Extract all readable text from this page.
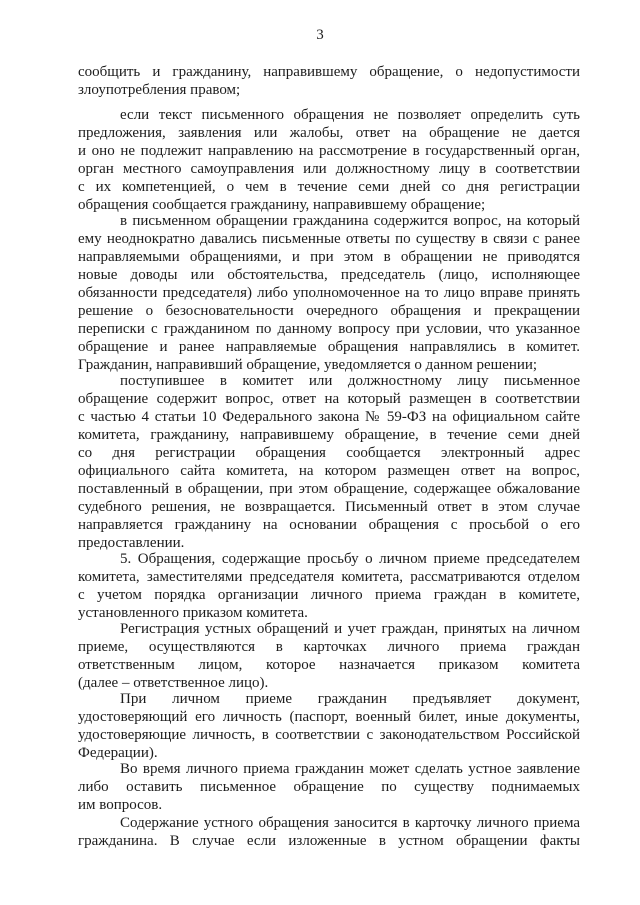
3
сообщить и гражданину, направившему обращение, о недопустимости
злоупотребления правом;
если текст письменного обращения не позволяет определить суть
предложения, заявления или жалобы, ответ на обращение не дается
и оно не подлежит направлению на рассмотрение в государственный орган,
орган местного самоуправления или должностному лицу в соответствии
с их компетенцией, о чем в течение семи дней со дня регистрации
обращения сообщается гражданину, направившему обращение;
в письменном обращении гражданина содержится вопрос, на который
ему неоднократно давались письменные ответы по существу в связи с ранее
направляемыми обращениями, и при этом в обращении не приводятся
новые доводы или обстоятельства, председатель (лицо, исполняющее
обязанности председателя) либо уполномоченное на то лицо вправе принять
решение о безосновательности очередного обращения и прекращении
переписки с гражданином по данному вопросу при условии, что указанное
обращение и ранее направляемые обращения направлялись в комитет.
Гражданин, направивший обращение, уведомляется о данном решении;
поступившее в комитет или должностному лицу письменное
обращение содержит вопрос, ответ на который размещен в соответствии
с частью 4 статьи 10 Федерального закона № 59-ФЗ на официальном сайте
комитета, гражданину, направившему обращение, в течение семи дней
со дня регистрации обращения сообщается электронный адрес
официального сайта комитета, на котором размещен ответ на вопрос,
поставленный в обращении, при этом обращение, содержащее обжалование
судебного решения, не возвращается. Письменный ответ в этом случае
направляется гражданину на основании обращения с просьбой о его
предоставлении.
5. Обращения, содержащие просьбу о личном приеме председателем
комитета, заместителями председателя комитета, рассматриваются отделом
с учетом порядка организации личного приема граждан в комитете,
установленного приказом комитета.
Регистрация устных обращений и учет граждан, принятых на личном
приеме, осуществляются в карточках личного приема граждан
ответственным лицом, которое назначается приказом комитета
(далее – ответственное лицо).
При личном приеме гражданин предъявляет документ,
удостоверяющий его личность (паспорт, военный билет, иные документы,
удостоверяющие личность, в соответствии с законодательством Российской
Федерации).
Во время личного приема гражданин может сделать устное заявление
либо оставить письменное обращение по существу поднимаемых
им вопросов.
Содержание устного обращения заносится в карточку личного приема
гражданина. В случае если изложенные в устном обращении факты
